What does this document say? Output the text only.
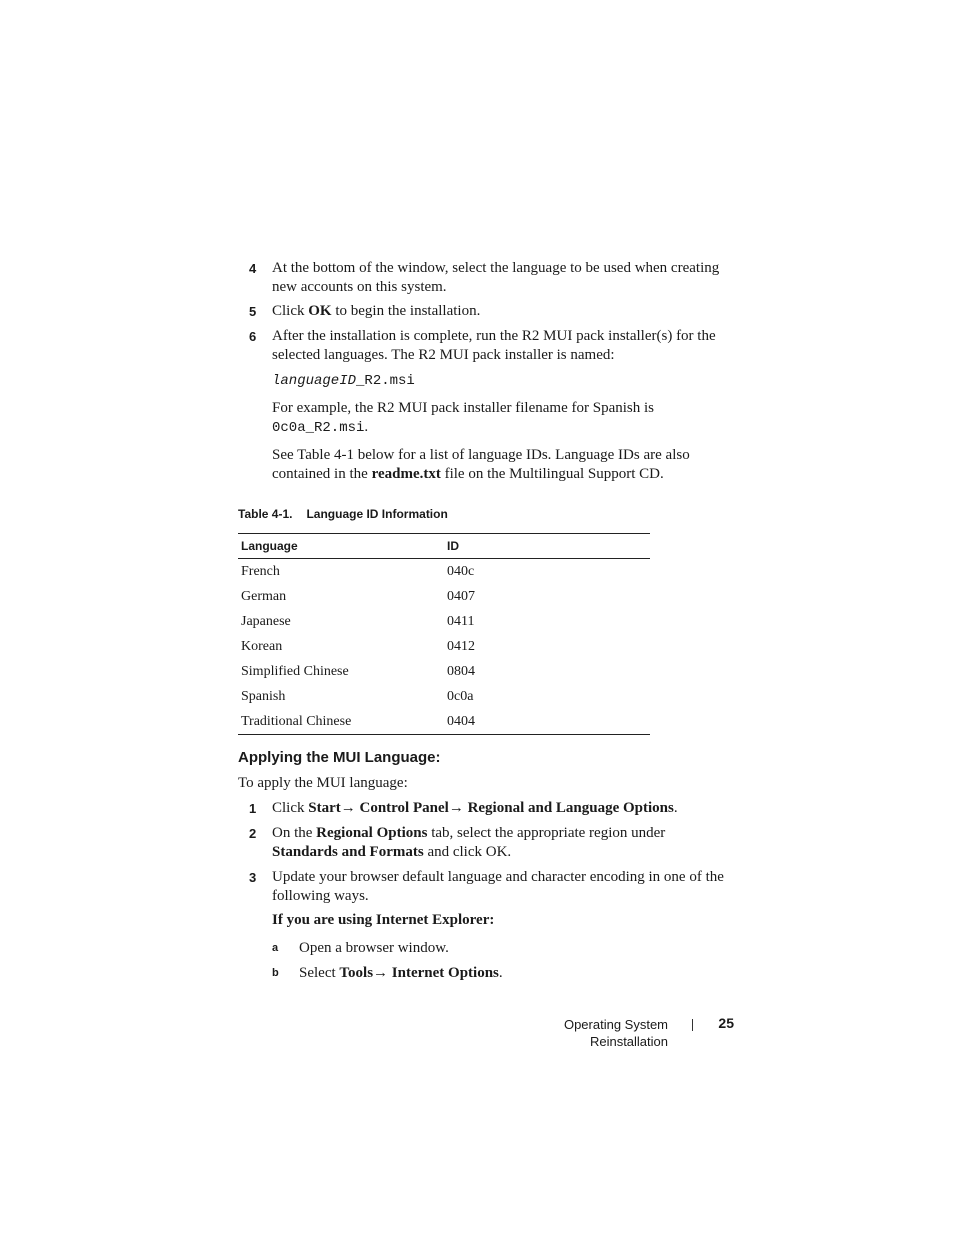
4	At the bottom of the window, select the language to be used when creating new accounts on this system.
5	Click OK to begin the installation.
6	After the installation is complete, run the R2 MUI pack installer(s) for the selected languages. The R2 MUI pack installer is named:
languageID_R2.msi
For example, the R2 MUI pack installer filename for Spanish is 0c0a_R2.msi.
See Table 4-1 below for a list of language IDs. Language IDs are also contained in the readme.txt file on the Multilingual Support CD.
Table 4-1. Language ID Information
Language	ID
French	040c
German	0407
Japanese	0411
Korean	0412
Simplified Chinese	0804
Spanish	0c0a
Traditional Chinese	0404
Applying the MUI Language:
To apply the MUI language:
1	Click Start→ Control Panel→ Regional and Language Options.
2	On the Regional Options tab, select the appropriate region under Standards and Formats and click OK.
3	Update your browser default language and character encoding in one of the following ways.
If you are using Internet Explorer:
a Open a browser window.
b Select Tools→ Internet Options.
Operating System Reinstallation
25
